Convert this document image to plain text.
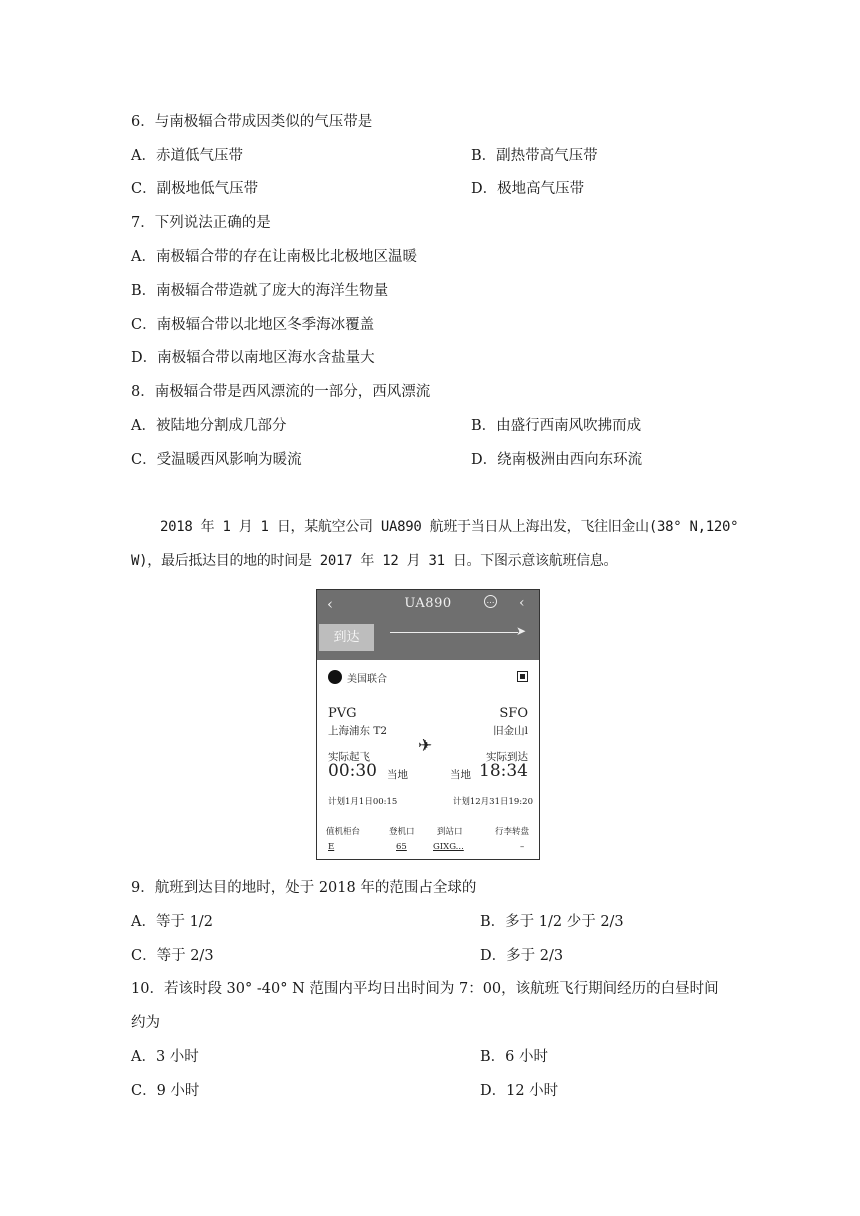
6．与南极辐合带成因类似的气压带是
A．赤道低气压带	B．副热带高气压带
C．副极地低气压带	D．极地高气压带
7．下列说法正确的是
A．南极辐合带的存在让南极比北极地区温暖
B．南极辐合带造就了庞大的海洋生物量
C．南极辐合带以北地区冬季海冰覆盖
D．南极辐合带以南地区海水含盐量大
8．南极辐合带是西风漂流的一部分，西风漂流
A．被陆地分割成几部分	B．由盛行西南风吹拂而成
C．受温暖西风影响为暖流	D．绕南极洲由西向东环流
2018 年 1 月 1 日，某航空公司 UA890 航班于当日从上海出发，飞往旧金山(38° N,120°
W)，最后抵达目的地的时间是 2017 年 12 月 31 日。下图示意该航班信息。
‹	UA890	… ‹
到达	➤
美国联合
PVG
上海浦东 T2
SFO
旧金山l
✈
实际起飞	实际到达
00:30 当地	当地 18:34
计划1月1日00:15	计划12月31日19:20
值机柜台	登机口	到站口	行李转盘
E	65	GIXG...	–
9．航班到达目的地时，处于 2018 年的范围占全球的
A．等于 1/2	B．多于 1/2 少于 2/3
C．等于 2/3	D．多于 2/3
10．若该时段 30° -40° N 范围内平均日出时间为 7：00，该航班飞行期间经历的白昼时间
约为
A．3 小时	B．6 小时
C．9 小时	D．12 小时
